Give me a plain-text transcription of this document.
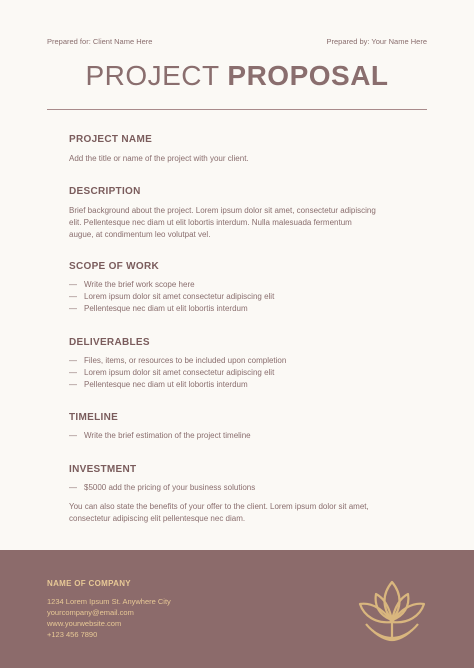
Prepared for: Client Name Here	Prepared by: Your Name Here
PROJECT PROPOSAL
PROJECT NAME
Add the title or name of the project with your client.
DESCRIPTION
Brief background about the project. Lorem ipsum dolor sit amet, consectetur adipiscing
elit. Pellentesque nec diam ut elit lobortis interdum. Nulla malesuada fermentum
augue, at condimentum leo volutpat vel.
SCOPE OF WORK
— Write the brief work scope here
— Lorem ipsum dolor sit amet consectetur adipiscing elit
— Pellentesque nec diam ut elit lobortis interdum
DELIVERABLES
— Files, items, or resources to be included upon completion
— Lorem ipsum dolor sit amet consectetur adipiscing elit
— Pellentesque nec diam ut elit lobortis interdum
TIMELINE
— Write the brief estimation of the project timeline
INVESTMENT
— $5000 add the pricing of your business solutions
You can also state the benefits of your offer to the client. Lorem ipsum dolor sit amet,
consectetur adipiscing elit pellentesque nec diam.
NAME OF COMPANY
1234 Lorem Ipsum St. Anywhere City
yourcompany@email.com
www.yourwebsite.com
+123 456 7890
